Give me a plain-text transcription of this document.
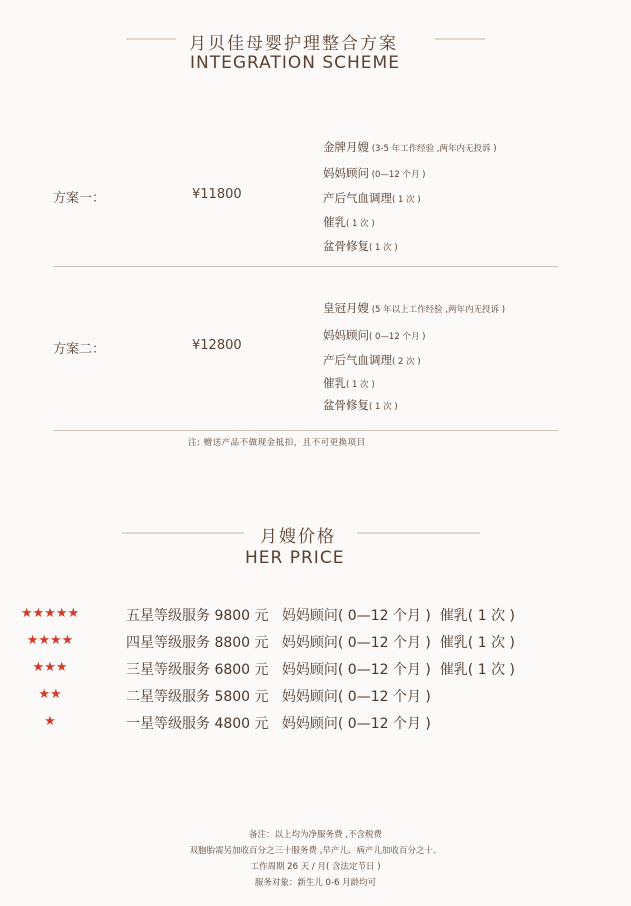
月贝佳母婴护理整合方案
INTEGRATION SCHEME
方案一：	¥11800
金牌月嫂 (3-5 年工作经验 ,两年内无投诉 )
妈妈顾问 (0—12 个月 )
产后气血调理( 1 次 )
催乳( 1 次 )
盆骨修复( 1 次 )
方案二：	¥12800
皇冠月嫂 (5 年以上工作经验 ,两年内无投诉 )
妈妈顾问( 0—12 个月 )
产后气血调理( 2 次 )
催乳( 1 次 )
盆骨修复( 1 次 )
注: 赠送产品不做现金抵扣，且不可更换项目
月嫂价格
HER PRICE
★★★★★	五星等级服务 9800 元 妈妈顾问( 0—12 个月 ) 催乳( 1 次 )
★★★★	四星等级服务 8800 元 妈妈顾问( 0—12 个月 ) 催乳( 1 次 )
★★★	三星等级服务 6800 元 妈妈顾问( 0—12 个月 ) 催乳( 1 次 )
★★	二星等级服务 5800 元 妈妈顾问( 0—12 个月 )
★	一星等级服务 4800 元 妈妈顾问( 0—12 个月 )
备注：以上均为净服务费 ,不含税费
双胞胎需另加收百分之三十服务费 ,早产儿、病产儿加收百分之十。
工作周期 26 天 / 月( 含法定节日 )
服务对象：新生儿 0-6 月龄均可
